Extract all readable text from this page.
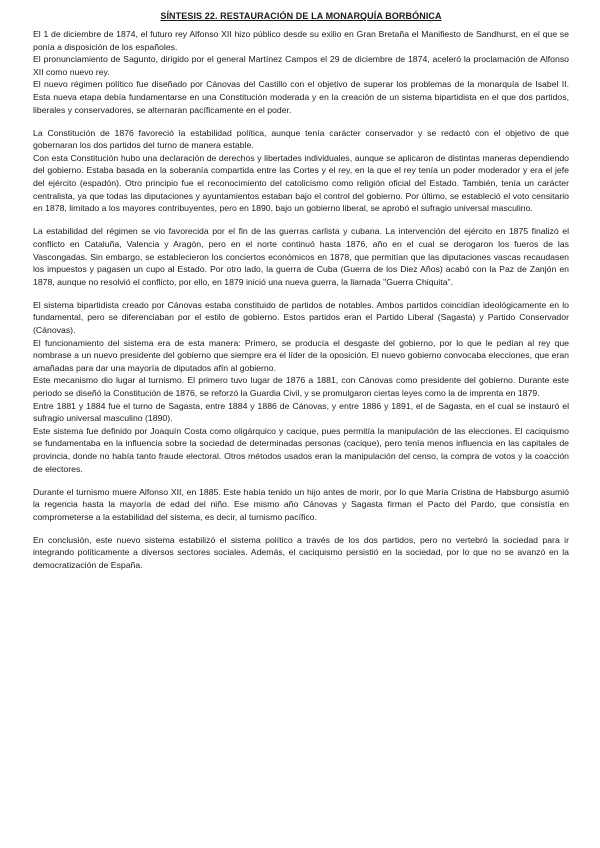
SÍNTESIS 22. RESTAURACIÓN DE LA MONARQUÍA BORBÓNICA

El 1 de diciembre de 1874, el futuro rey Alfonso XII hizo público desde su exilio en Gran Bretaña el Manifiesto de Sandhurst, en el que se ponía a disposición de los españoles.

El pronunciamiento de Sagunto, dirigido por el general Martínez Campos el 29 de diciembre de 1874, aceleró la proclamación de Alfonso XII como nuevo rey.

El nuevo régimen político fue diseñado por Cánovas del Castillo con el objetivo de superar los problemas de la monarquía de Isabel II. Esta nueva etapa debía fundamentarse en una Constitución moderada y en la creación de un sistema bipartidista en el que dos partidos, liberales y conservadores, se alternaran pacíficamente en el poder.

La Constitución de 1876 favoreció la estabilidad política, aunque tenía carácter conservador y se redactó con el objetivo de que gobernaran los dos partidos del turno de manera estable.

Con esta Constitución hubo una declaración de derechos y libertades individuales, aunque se aplicaron de distintas maneras dependiendo del gobierno. Estaba basada en la soberanía compartida entre las Cortes y el rey, en la que el rey tenía un poder moderador y era el jefe del ejército (espadón). Otro principio fue el reconocimiento del catolicismo como religión oficial del Estado. También, tenía un carácter centralista, ya que todas las diputaciones y ayuntamientos estaban bajo el control del gobierno. Por último, se estableció el voto censitario en 1878, limitado a los mayores contribuyentes, pero en 1890, bajo un gobierno liberal, se aprobó el sufragio universal masculino.

La estabilidad del régimen se vio favorecida por el fin de las guerras carlista y cubana. La intervención del ejército en 1875 finalizó el conflicto en Cataluña, Valencia y Aragón, pero en el norte continuó hasta 1876, año en el cual se derogaron los fueros de las Vascongadas. Sin embargo, se establecieron los conciertos económicos en 1878, que permitían que las diputaciones vascas recaudasen los impuestos y pagasen un cupo al Estado. Por otro lado, la guerra de Cuba (Guerra de los Diez Años) acabó con la Paz de Zanjón en 1878, aunque no resolvió el conflicto, por ello, en 1879 inició una nueva guerra, la llamada "Guerra Chiquita".

El sistema bipartidista creado por Cánovas estaba constituido de partidos de notables. Ambos partidos coincidían ideológicamente en lo fundamental, pero se diferenciaban por el estilo de gobierno. Estos partidos eran el Partido Liberal (Sagasta) y Partido Conservador (Cánovas).

El funcionamiento del sistema era de esta manera: Primero, se producía el desgaste del gobierno, por lo que le pedían al rey que nombrase a un nuevo presidente del gobierno que siempre era el líder de la oposición. El nuevo gobierno convocaba elecciones, que eran amañadas para dar una mayoría de diputados afín al gobierno.

Este mecanismo dio lugar al turnismo. El primero tuvo lugar de 1876 a 1881, con Cánovas como presidente del gobierno. Durante este periodo se diseñó la Constitución de 1876, se reforzó la Guardia Civil, y se promulgaron ciertas leyes como la de imprenta en 1879.

Entre 1881 y 1884 fue el turno de Sagasta, entre 1884 y 1886 de Cánovas, y entre 1886 y 1891, el de Sagasta, en el cual se instauró el sufragio universal masculino (1890).

Este sistema fue definido por Joaquín Costa como oligárquico y cacique, pues permitía la manipulación de las elecciones. El caciquismo se fundamentaba en la influencia sobre la sociedad de determinadas personas (cacique), pero tenía menos influencia en las capitales de provincia, donde no había tanto fraude electoral. Otros métodos usados eran la manipulación del censo, la compra de votos y la coacción de electores.

Durante el turnismo muere Alfonso XII, en 1885. Este había tenido un hijo antes de morir, por lo que María Cristina de Habsburgo asumió la regencia hasta la mayoría de edad del niño. Ese mismo año Cánovas y Sagasta firman el Pacto del Pardo, que consistía en comprometerse a la estabilidad del sistema, es decir, al turnismo pacífico.

En conclusión, este nuevo sistema estabilizó el sistema político a través de los dos partidos, pero no vertebró la sociedad para ir integrando políticamente a diversos sectores sociales. Además, el caciquismo persistió en la sociedad, por lo que no se avanzó en la democratización de España.
